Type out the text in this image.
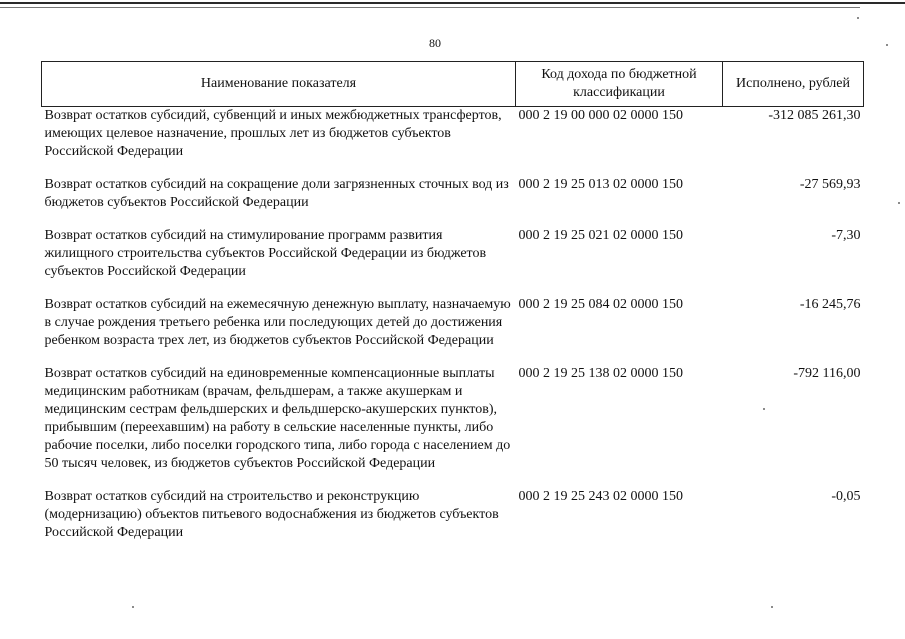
80
Наименование показателя	Код дохода по бюджетной классификации	Исполнено, рублей
Возврат остатков субсидий, субвенций и иных межбюджетных трансфертов, имеющих целевое назначение, прошлых лет из бюджетов субъектов Российской Федерации	000 2 19 00 000 02 0000 150	-312 085 261,30
Возврат остатков субсидий на сокращение доли загрязненных сточных вод из бюджетов субъектов Российской Федерации	000 2 19 25 013 02 0000 150	-27 569,93
Возврат остатков субсидий на стимулирование программ развития жилищного строительства субъектов Российской Федерации из бюджетов субъектов Российской Федерации	000 2 19 25 021 02 0000 150	-7,30
Возврат остатков субсидий на ежемесячную денежную выплату, назначаемую в случае рождения третьего ребенка или последующих детей до достижения ребенком возраста трех лет, из бюджетов субъектов Российской Федерации	000 2 19 25 084 02 0000 150	-16 245,76
Возврат остатков субсидий на единовременные компенсационные выплаты медицинским работникам (врачам, фельдшерам, а также акушеркам и медицинским сестрам фельдшерских и фельдшерско-акушерских пунктов), прибывшим (переехавшим) на работу в сельские населенные пункты, либо рабочие поселки, либо поселки городского типа, либо города с населением до 50 тысяч человек, из бюджетов субъектов Российской Федерации	000 2 19 25 138 02 0000 150	-792 116,00
Возврат остатков субсидий на строительство и реконструкцию (модернизацию) объектов питьевого водоснабжения из бюджетов субъектов Российской Федерации	000 2 19 25 243 02 0000 150	-0,05
